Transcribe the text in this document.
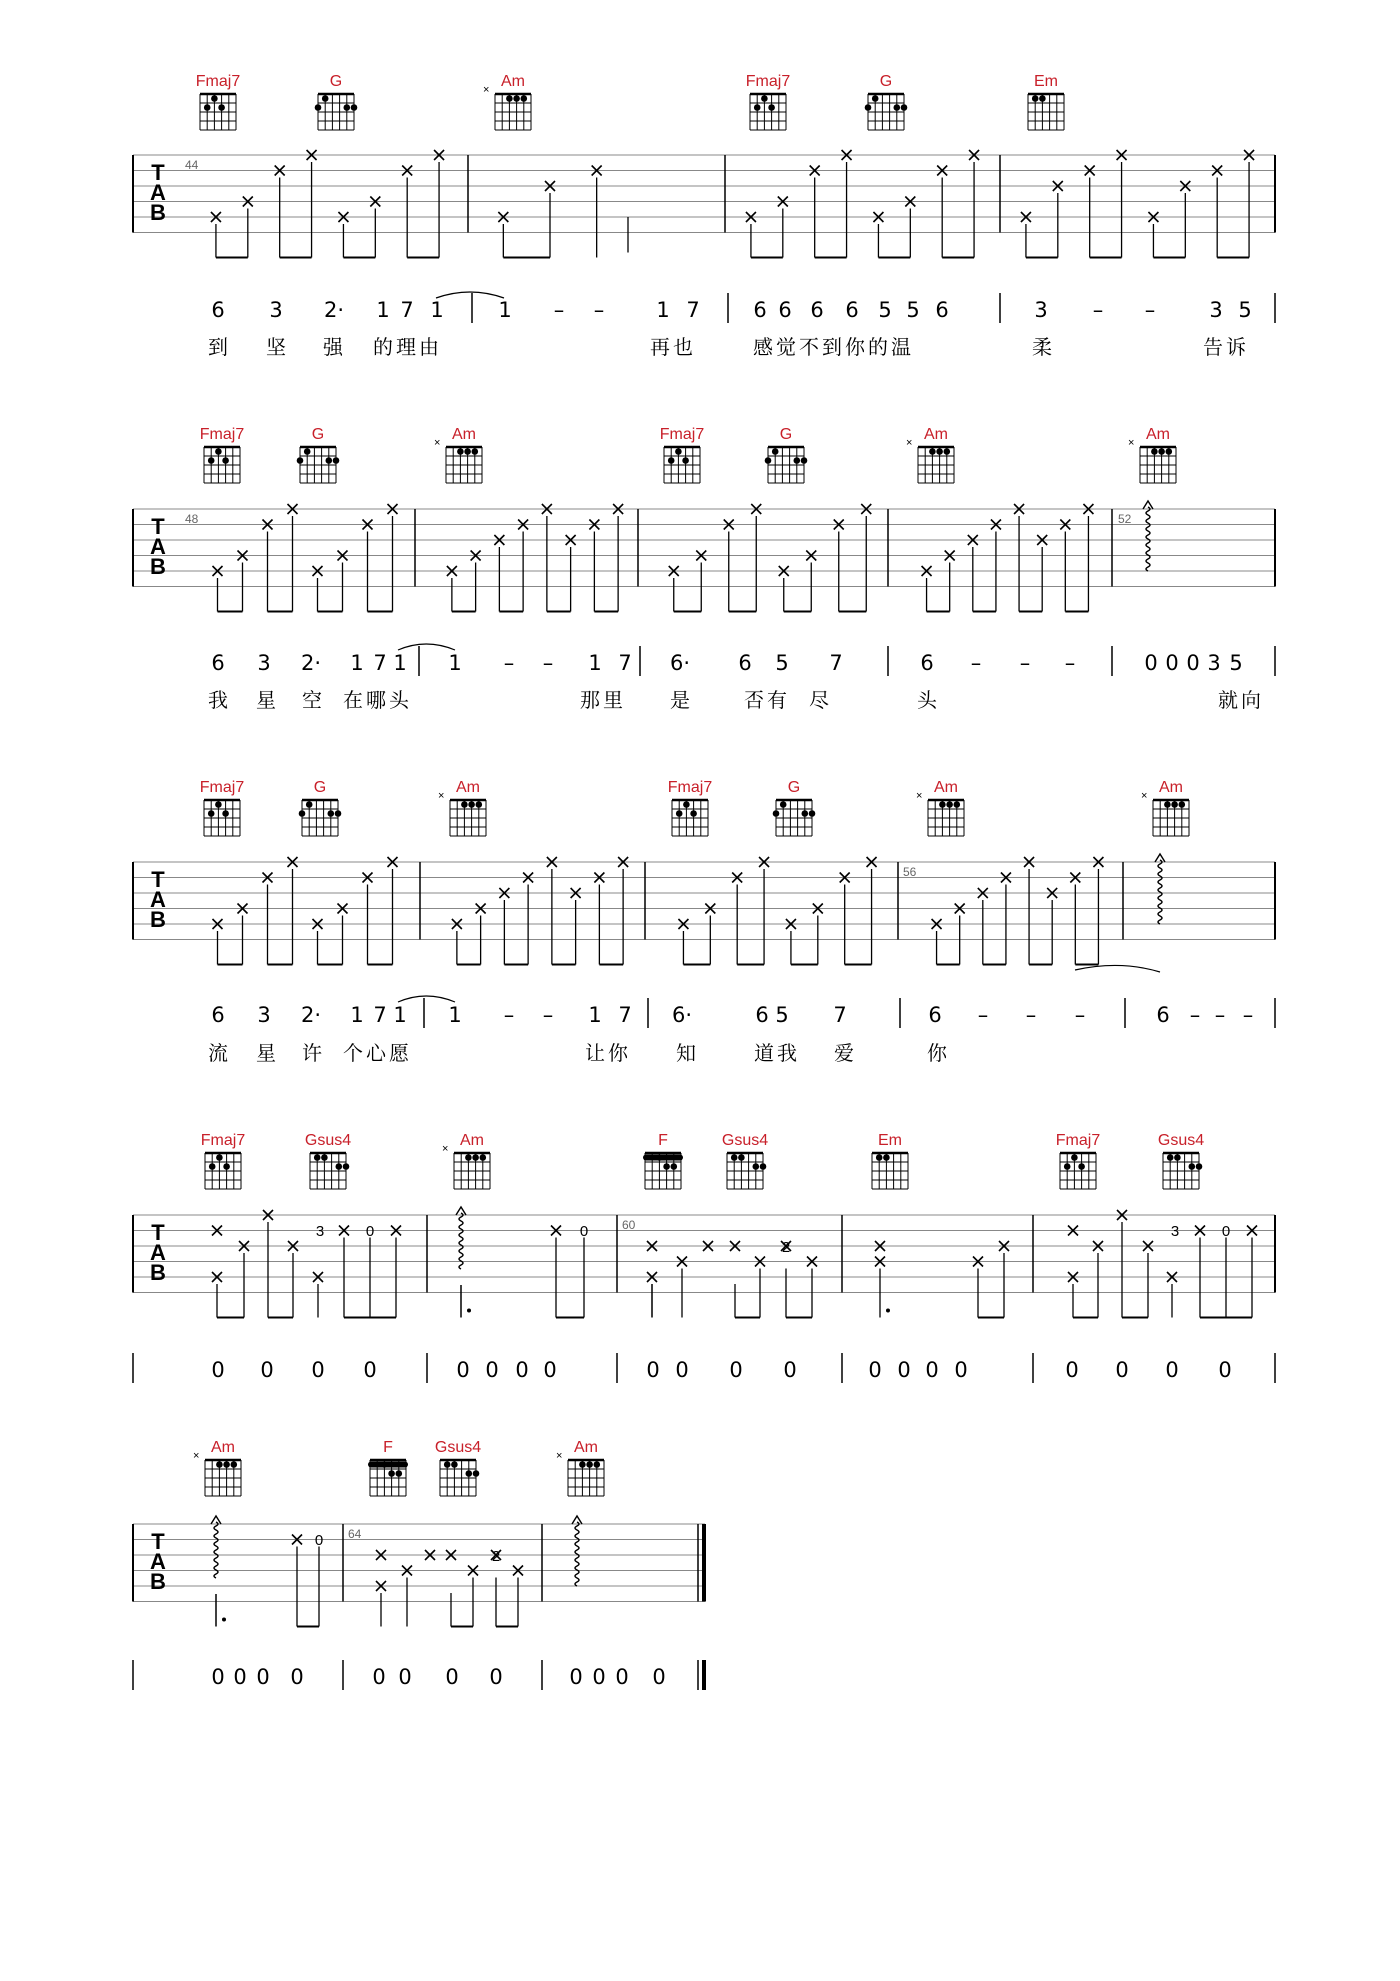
Fmaj7	G	Am
×	Fmaj7	G	Em
T
A
B
44
6 3 2· 1 7 1	1 – – 1 7	6 6 6 6 5 5 6	3 – –	3 5
到 坚 强 的理由	再也	感觉不到你的温	柔	告诉
Fmaj7	G	Am
×	Fmaj7	G	Am
×	Am
×
T
A
B
48	52
6 3 2· 1 7 1 1 – – 1 7 6· 6 5 7	6 – – –	0 0 0 3 5
我 星 空 在哪头	那里 是	否有 尽	头	就向
Fmaj7	G	Am
×	Fmaj7	G	Am
×	Am
×
T
A
B
56
6 3 2· 1 7 1 1 – – 1 7 6·	6 5 7	6 – – –	6 – – –
流 星 许 个心愿	让你 知	道我 爱	你
Fmaj7	Gsus4	Am
×	F	Gsus4	Em	Fmaj7	Gsus4
T
A
B
60
3	0	0
2
3	0
0 0 0 0	0 0 0 0	0 0 0 0	0 0 0 0	0 0 0 0
Am
×	F	Gsus4	Am
×
T
A
B
64
0
2
0 0 0 0	0 0 0 0	0 0 0 0
